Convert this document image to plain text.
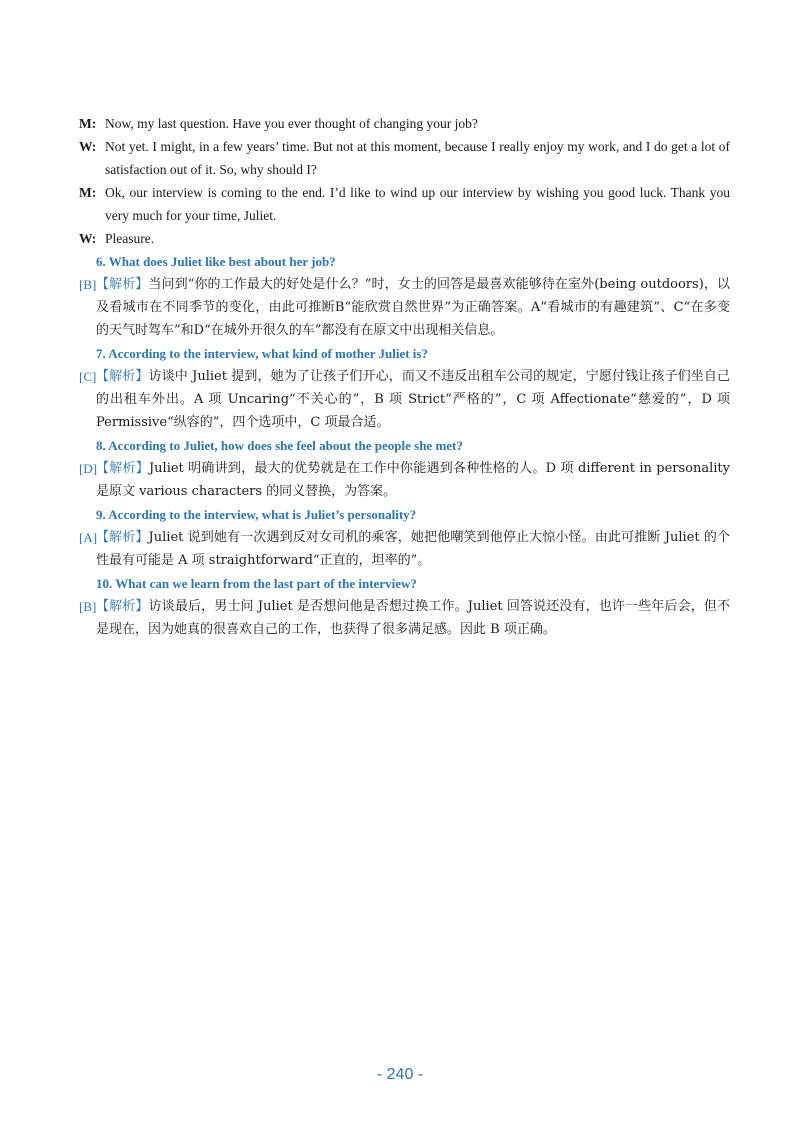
M: Now, my last question. Have you ever thought of changing your job?
W: Not yet. I might, in a few years’ time. But not at this moment, because I really enjoy my work, and I do get a lot of satisfaction out of it. So, why should I?
M: Ok, our interview is coming to the end. I’d like to wind up our interview by wishing you good luck. Thank you very much for your time, Juliet.
W: Pleasure.
6. What does Juliet like best about her job?
[B] 【解析】当问到“你的工作最大的好处是什么？”时，女士的回答是最喜欢能够待在室外(being outdoors)，以及看城市在不同季节的变化，由此可推断B“能欣赏自然世界”为正确答案。A“看城市的有趣建筑”、C“在多变的天气时驾车”和D“在城外开很久的车”都没有在原文中出现相关信息。
7. According to the interview, what kind of mother Juliet is?
[C] 【解析】访谈中 Juliet 提到，她为了让孩子们开心，而又不违反出租车公司的规定，宁愿付钱让孩子们坐自己的出租车外出。A 项 Uncaring“不关心的”，B 项 Strict“严格的”，C 项 Affectionate“慈爱的”，D 项 Permissive“纵容的”，四个选项中，C 项最合适。
8. According to Juliet, how does she feel about the people she met?
[D]
【解析】Juliet 明确讲到，最大的优势就是在工作中你能遇到各种性格的人。D 项 different in personality 是原文 various characters 的同义替换，为答案。
9. According to the interview, what is Juliet’s personality?
[A]
【解析】Juliet 说到她有一次遇到反对女司机的乘客，她把他嘲笑到他停止大惊小怪。由此可推断 Juliet 的个性最有可能是 A 项 straightforward“正直的，坦率的”。
10. What can we learn from the last part of the interview?
[B] 【解析】访谈最后，男士问 Juliet 是否想问他是否想过换工作。Juliet 回答说还没有，也许一些年后会，但不是现在，因为她真的很喜欢自己的工作，也获得了很多满足感。因此 B 项正确。
- 240 -
